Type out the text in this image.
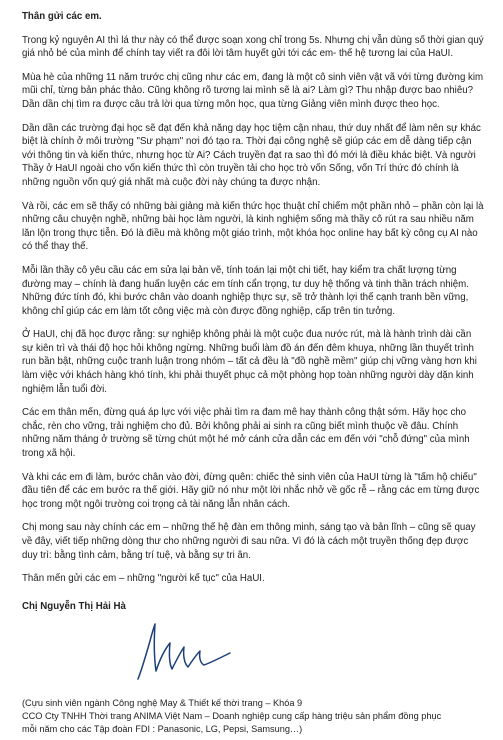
Thân gửi các em.

Trong kỷ nguyên AI thì lá thư này có thể được soạn xong chỉ trong 5s. Nhưng chị vẫn dùng số thời gian quý giá nhỏ bé của mình để chính tay viết ra đôi lời tâm huyết gửi tới các em- thế hệ tương lai của HaUI.

Mùa hè của những 11 năm trước chị cũng như các em, đang là một cô sinh viên vật vã với từng đường kim mũi chỉ, từng bản phác thảo. Cũng không rõ tương lai mình sẽ là ai? Làm gì? Thu nhập được bao nhiêu? Dần dần chị tìm ra được câu trả lời qua từng môn học, qua từng Giảng viên mình được theo học.

Dần dần các trường đại học sẽ đạt đến khả năng dạy học tiệm cận nhau, thứ duy nhất để làm nên sự khác biệt là chính ở môi trường "Sư phạm" nơi đó tạo ra. Thời đại công nghệ sẽ giúp các em dễ dàng tiếp cận với thông tin và kiến thức, nhưng học từ Ai? Cách truyền đạt ra sao thì đó mới là điều khác biệt. Và người Thầy ở HaUI ngoài cho vốn kiến thức thì còn truyền tải cho học trò vốn Sống, vốn Trí thức đó chính là những nguồn vốn quý giá nhất mà cuộc đời này chúng ta được nhận.

Và rồi, các em sẽ thấy có những bài giảng mà kiến thức học thuật chỉ chiếm một phần nhỏ – phần còn lại là những câu chuyện nghề, những bài học làm người, là kinh nghiệm sống mà thầy cô rút ra sau nhiều năm lăn lộn trong thực tiễn. Đó là điều mà không một giáo trình, một khóa học online hay bất kỳ công cụ AI nào có thể thay thế.

Mỗi lần thầy cô yêu cầu các em sửa lại bản vẽ, tính toán lại một chi tiết, hay kiểm tra chất lượng từng đường may – chính là đang huấn luyện các em tính cẩn trọng, tư duy hệ thống và tinh thần trách nhiệm. Những đức tính đó, khi bước chân vào doanh nghiệp thực sự, sẽ trở thành lợi thế cạnh tranh bền vững, không chỉ giúp các em làm tốt công việc mà còn được đồng nghiệp, cấp trên tin tưởng.

Ở HaUI, chị đã học được rằng: sự nghiệp không phải là một cuộc đua nước rút, mà là hành trình dài cần sự kiên trì và thái độ học hỏi không ngừng. Những buổi làm đồ án đến đêm khuya, những lần thuyết trình run bần bật, những cuộc tranh luận trong nhóm – tất cả đều là "đồ nghề mềm" giúp chị vững vàng hơn khi làm việc với khách hàng khó tính, khi phải thuyết phục cả một phòng họp toàn những người dày dặn kinh nghiệm lẫn tuổi đời.

Các em thân mến, đừng quá áp lực với việc phải tìm ra đam mê hay thành công thật sớm. Hãy học cho chắc, rèn cho vững, trải nghiệm cho đủ. Bởi không phải ai sinh ra cũng biết mình thuộc về đâu. Chính những năm tháng ở trường sẽ từng chút một hé mở cánh cửa dẫn các em đến với "chỗ đứng" của mình trong xã hội.

Và khi các em đi làm, bước chân vào đời, đừng quên: chiếc thẻ sinh viên của HaUI từng là "tấm hộ chiếu" đầu tiên để các em bước ra thế giới. Hãy giữ nó như một lời nhắc nhở về gốc rễ – rằng các em từng được học trong một ngôi trường coi trọng cả tài năng lẫn nhân cách.

Chị mong sau này chính các em – những thế hệ đàn em thông minh, sáng tạo và bản lĩnh – cũng sẽ quay về đây, viết tiếp những dòng thư cho những người đi sau nữa. Vì đó là cách một truyền thống đẹp được duy trì: bằng tình cảm, bằng trí tuệ, và bằng sự tri ân.

Thân mến gửi các em – những "người kế tục" của HaUI.

Chị Nguyễn Thị Hải Hà

(Cựu sinh viên ngành Công nghệ May & Thiết kế thời trang – Khóa 9
CCO Cty TNHH Thời trang ANIMA Việt Nam – Doanh nghiệp cung cấp hàng triệu sản phẩm đồng phục
mỗi năm cho các Tập đoàn FDI : Panasonic, LG, Pepsi, Samsung…)
